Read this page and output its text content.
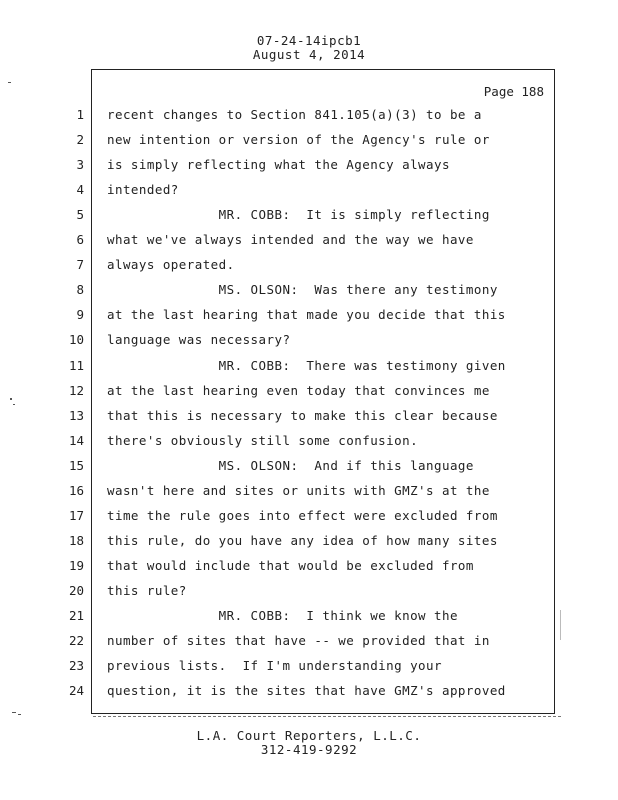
07-24-14ipcb1
August 4, 2014
Page 188
1 recent changes to Section 841.105(a)(3) to be a
2 new intention or version of the Agency's rule or
3 is simply reflecting what the Agency always
4 intended?
5 MR. COBB:  It is simply reflecting
6 what we've always intended and the way we have
7 always operated.
8 MS. OLSON:  Was there any testimony
9 at the last hearing that made you decide that this
10 language was necessary?
11 MR. COBB:  There was testimony given
12 at the last hearing even today that convinces me
13 that this is necessary to make this clear because
14 there's obviously still some confusion.
15 MS. OLSON:  And if this language
16 wasn't here and sites or units with GMZ's at the
17 time the rule goes into effect were excluded from
18 this rule, do you have any idea of how many sites
19 that would include that would be excluded from
20 this rule?
21 MR. COBB:  I think we know the
22 number of sites that have -- we provided that in
23 previous lists.  If I'm understanding your
24 question, it is the sites that have GMZ's approved
L.A. Court Reporters, L.L.C.
312-419-9292
